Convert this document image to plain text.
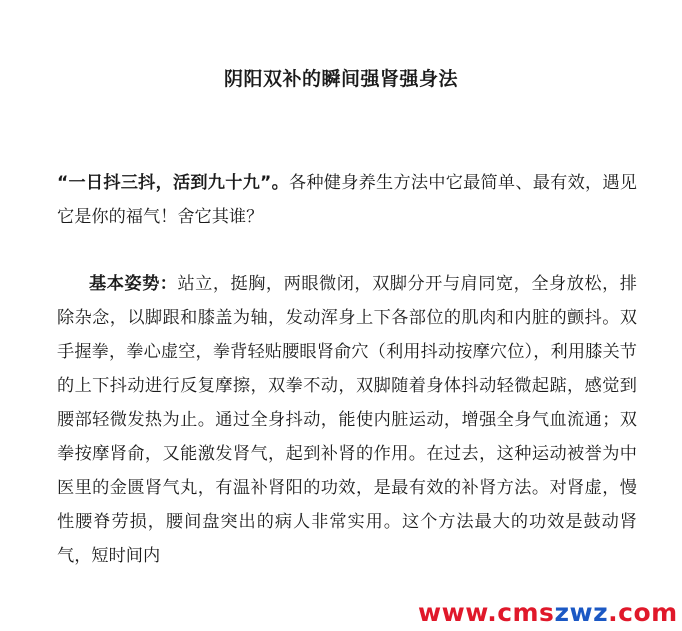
阴阳双补的瞬间强肾强身法

“一日抖三抖，活到九十九”。各种健身养生方法中它最简单、最有效，遇见它是你的福气！舍它其谁？

基本姿势：站立，挺胸，两眼微闭，双脚分开与肩同宽，全身放松，排除杂念，以脚跟和膝盖为轴，发动浑身上下各部位的肌肉和内脏的颤抖。双手握拳，拳心虚空，拳背轻贴腰眼肾俞穴（利用抖动按摩穴位），利用膝关节的上下抖动进行反复摩擦，双拳不动，双脚随着身体抖动轻微起踮，感觉到腰部轻微发热为止。通过全身抖动，能使内脏运动，增强全身气血流通；双拳按摩肾俞，又能激发肾气，起到补肾的作用。在过去，这种运动被誉为中医里的金匮肾气丸，有温补肾阳的功效，是最有效的补肾方法。对肾虚，慢性腰脊劳损，腰间盘突出的病人非常实用。这个方法最大的功效是鼓动肾气，短时间内

www.cmszwz.com
